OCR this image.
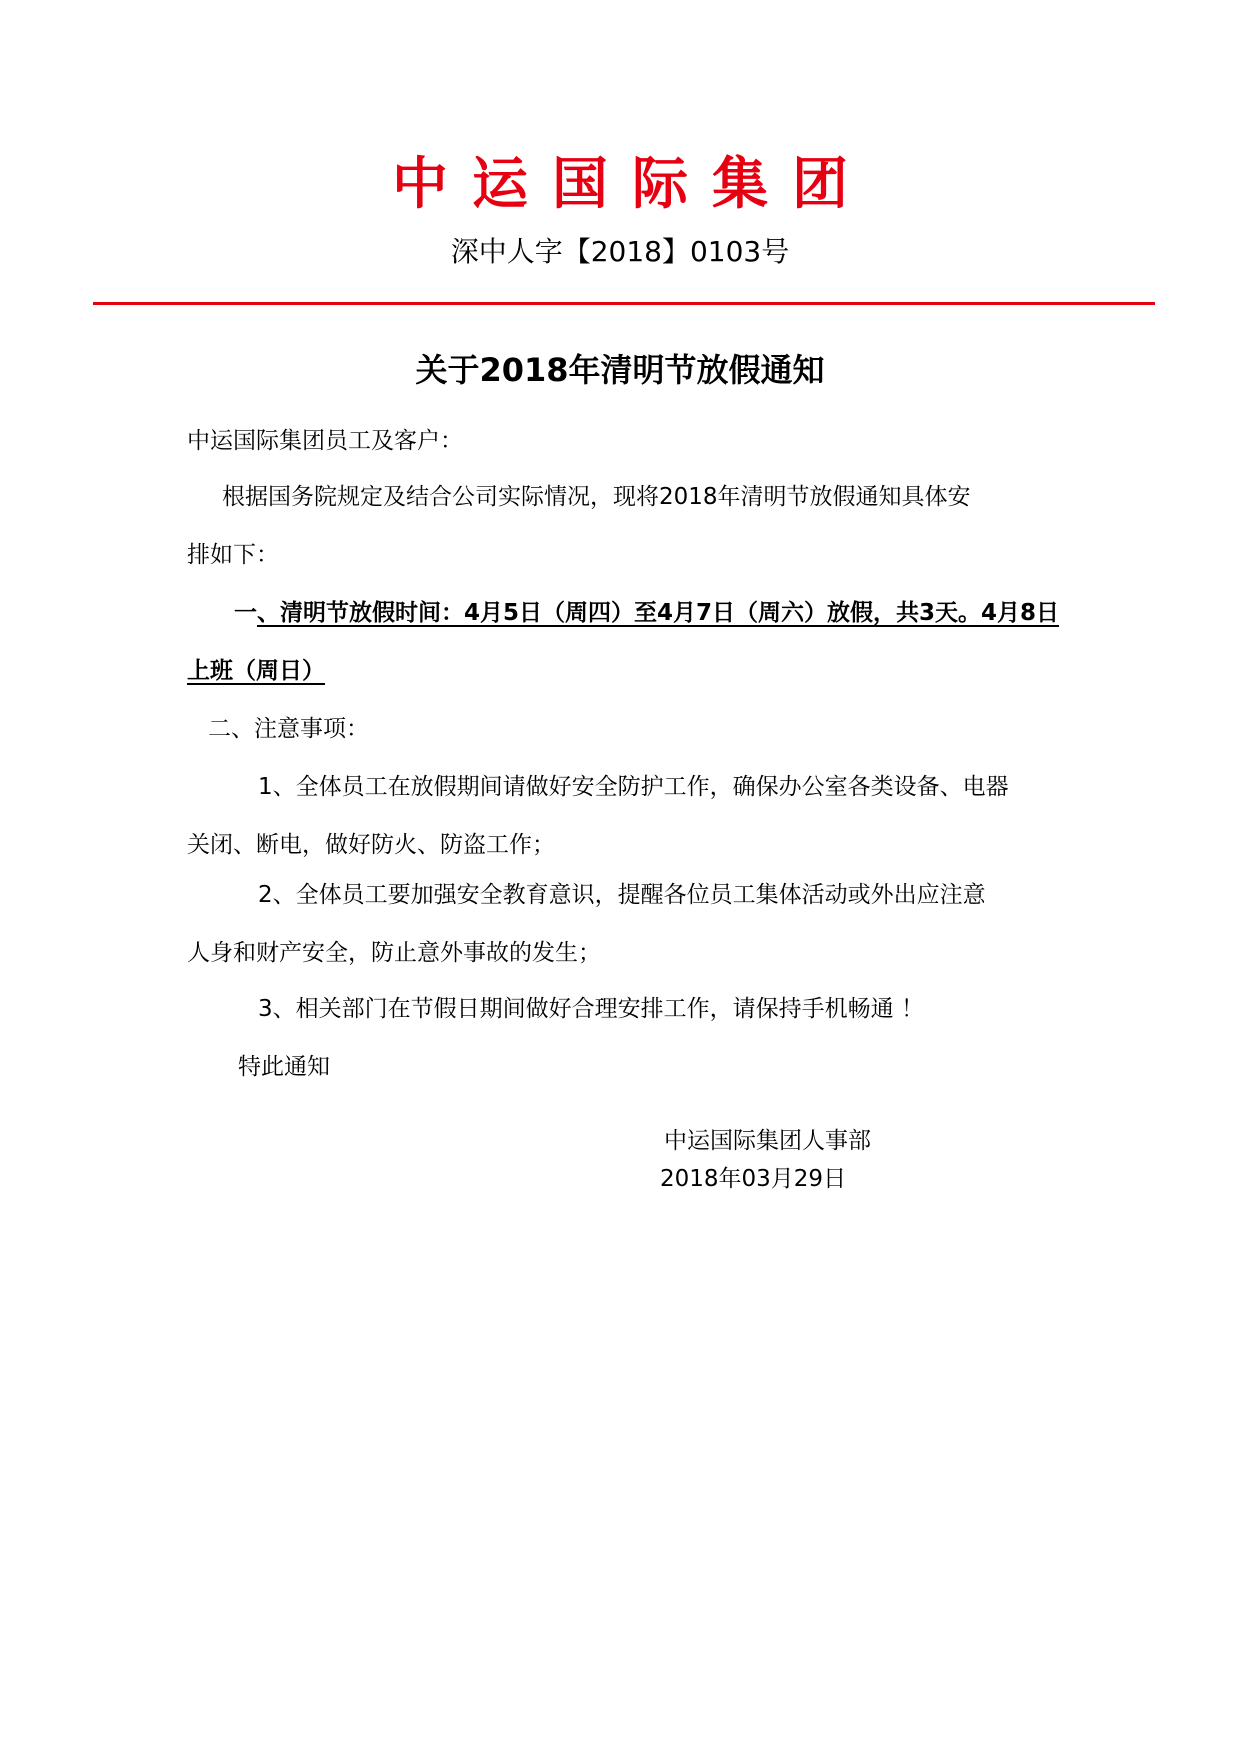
中运国际集团
深中人字【2018】0103号
关于2018年清明节放假通知
中运国际集团员工及客户：
根据国务院规定及结合公司实际情况，现将2018年清明节放假通知具体安
排如下：
一、清明节放假时间：4月5日（周四）至4月7日（周六）放假，共3天。4月8日
上班（周日）
二、注意事项：
1、全体员工在放假期间请做好安全防护工作，确保办公室各类设备、电器
关闭、断电，做好防火、防盗工作；
2、全体员工要加强安全教育意识，提醒各位员工集体活动或外出应注意
人身和财产安全，防止意外事故的发生；
3、相关部门在节假日期间做好合理安排工作，请保持手机畅通 ！
特此通知
中运国际集团人事部
2018年03月29日
